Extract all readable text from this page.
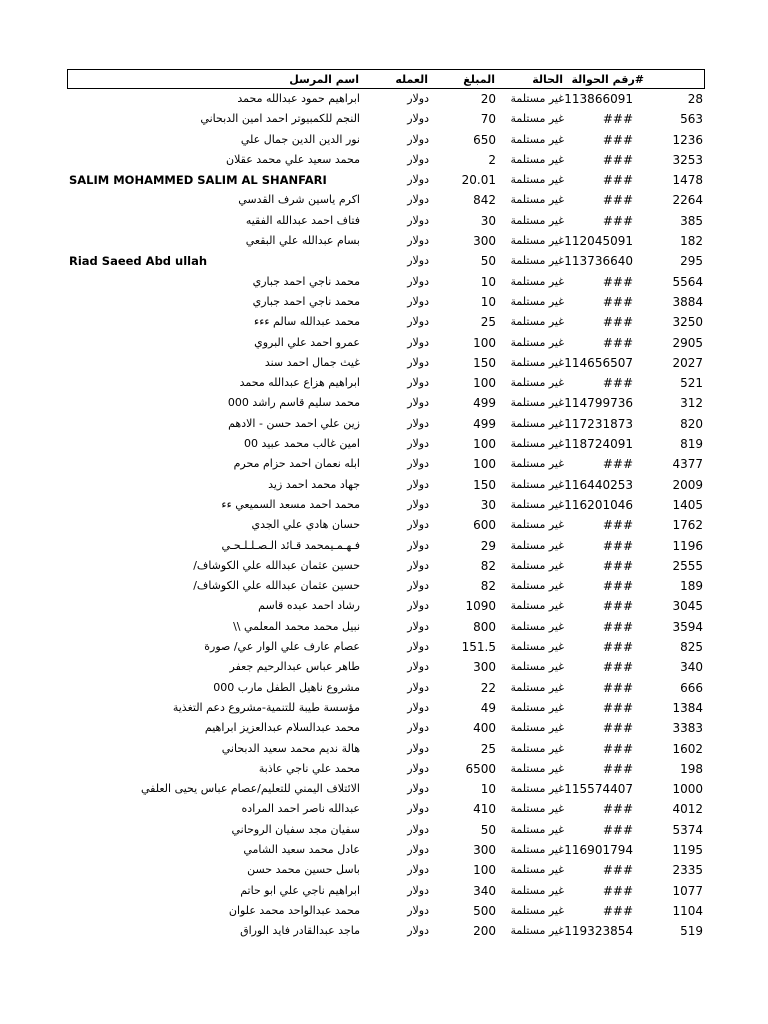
اسم المرسل	العمله	المبلغ	الحالة رقم الحوالة#
ابراهيم حمود عبدالله محمد	دولار	20 غير مستلمة 113866091	28
النجم للكمبيوتر احمد امين الدبحاني	دولار	70 غير مستلمة	###	563
نور الدين الدين جمال علي	دولار	650 غير مستلمة	###	1236
محمد سعيد علي محمد عقلان	دولار	2 غير مستلمة	###	3253
SALIM MOHAMMED SALIM AL SHANFARI	دولار	20.01 غير مستلمة	###	1478
اكرم ياسين شرف القدسي	دولار	842 غير مستلمة	###	2264
فتاف احمد عبدالله الفقيه	دولار	30 غير مستلمة	###	385
بسام عبدالله علي البقعي	دولار	300 غير مستلمة 112045091	182
Riad Saeed Abd ullah	دولار	50 غير مستلمة 113736640	295
محمد ناجي احمد جباري	دولار	10 غير مستلمة	###	5564
محمد ناجي احمد جباري	دولار	10 غير مستلمة	###	3884
محمد عبدالله سالم ءءء	دولار	25 غير مستلمة	###	3250
عمرو احمد علي البروي	دولار	100 غير مستلمة	###	2905
غيث جمال احمد سند	دولار	150 غير مستلمة 114656507	2027
ابراهيم هزاع عبدالله محمد	دولار	100 غير مستلمة	###	521
محمد سليم قاسم راشد 000	دولار	499 غير مستلمة 114799736	312
زين علي احمد حسن - الادهم	دولار	499 غير مستلمة 117231873	820
امين غالب محمد عبيد 00	دولار	100 غير مستلمة 118724091	819
ابله نعمان احمد حزام محرم	دولار	100 غير مستلمة	###	4377
جهاد محمد احمد زيد	دولار	150 غير مستلمة 116440253	2009
محمد احمد مسعد السميعي ءء	دولار	30 غير مستلمة 116201046	1405
حسان هادي علي الجدي	دولار	600 غير مستلمة	###	1762
فـهـمـيمحمد قـائد الـصـلـلـحـي	دولار	29 غير مستلمة	###	1196
/حسين عثمان عبدالله علي الكوشاف	دولار	82 غير مستلمة	###	2555
/حسين عثمان عبدالله علي الكوشاف	دولار	82 غير مستلمة	###	189
رشاد احمد عبده قاسم	دولار	1090 غير مستلمة	###	3045
\\ نبيل محمد محمد المعلمي	دولار	800 غير مستلمة	###	3594
عصام عارف علي الوار عي/ صورة	دولار	151.5 غير مستلمة	###	825
طاهر عباس عبدالرحيم جعفر	دولار	300 غير مستلمة	###	340
مشروع ناهيل الطفل مارب 000	دولار	22 غير مستلمة	###	666
مؤسسة طيبة للتنمية-مشروع دعم التغذية	دولار	49 غير مستلمة	###	1384
محمد عبدالسلام عبدالعزيز ابراهيم	دولار	400 غير مستلمة	###	3383
هالة نديم محمد سعيد الدبحاني	دولار	25 غير مستلمة	###	1602
محمد علي ناجي عاذبة	دولار	6500 غير مستلمة	###	198
الائتلاف اليمني للتعليم/عصام عباس يحيى العلفي	دولار	10 غير مستلمة 115574407	1000
عبدالله ناصر احمد المراده	دولار	410 غير مستلمة	###	4012
سفيان مجد سفيان الروحاني	دولار	50 غير مستلمة	###	5374
عادل محمد سعيد الشامي	دولار	300 غير مستلمة 116901794	1195
باسل حسين محمد حسن	دولار	100 غير مستلمة	###	2335
ابراهيم ناجي علي ابو حاتم	دولار	340 غير مستلمة	###	1077
محمد عبدالواحد محمد علوان	دولار	500 غير مستلمة	###	1104
ماجد عبدالقادر فايد الوراق	دولار	200 غير مستلمة 119323854	519
